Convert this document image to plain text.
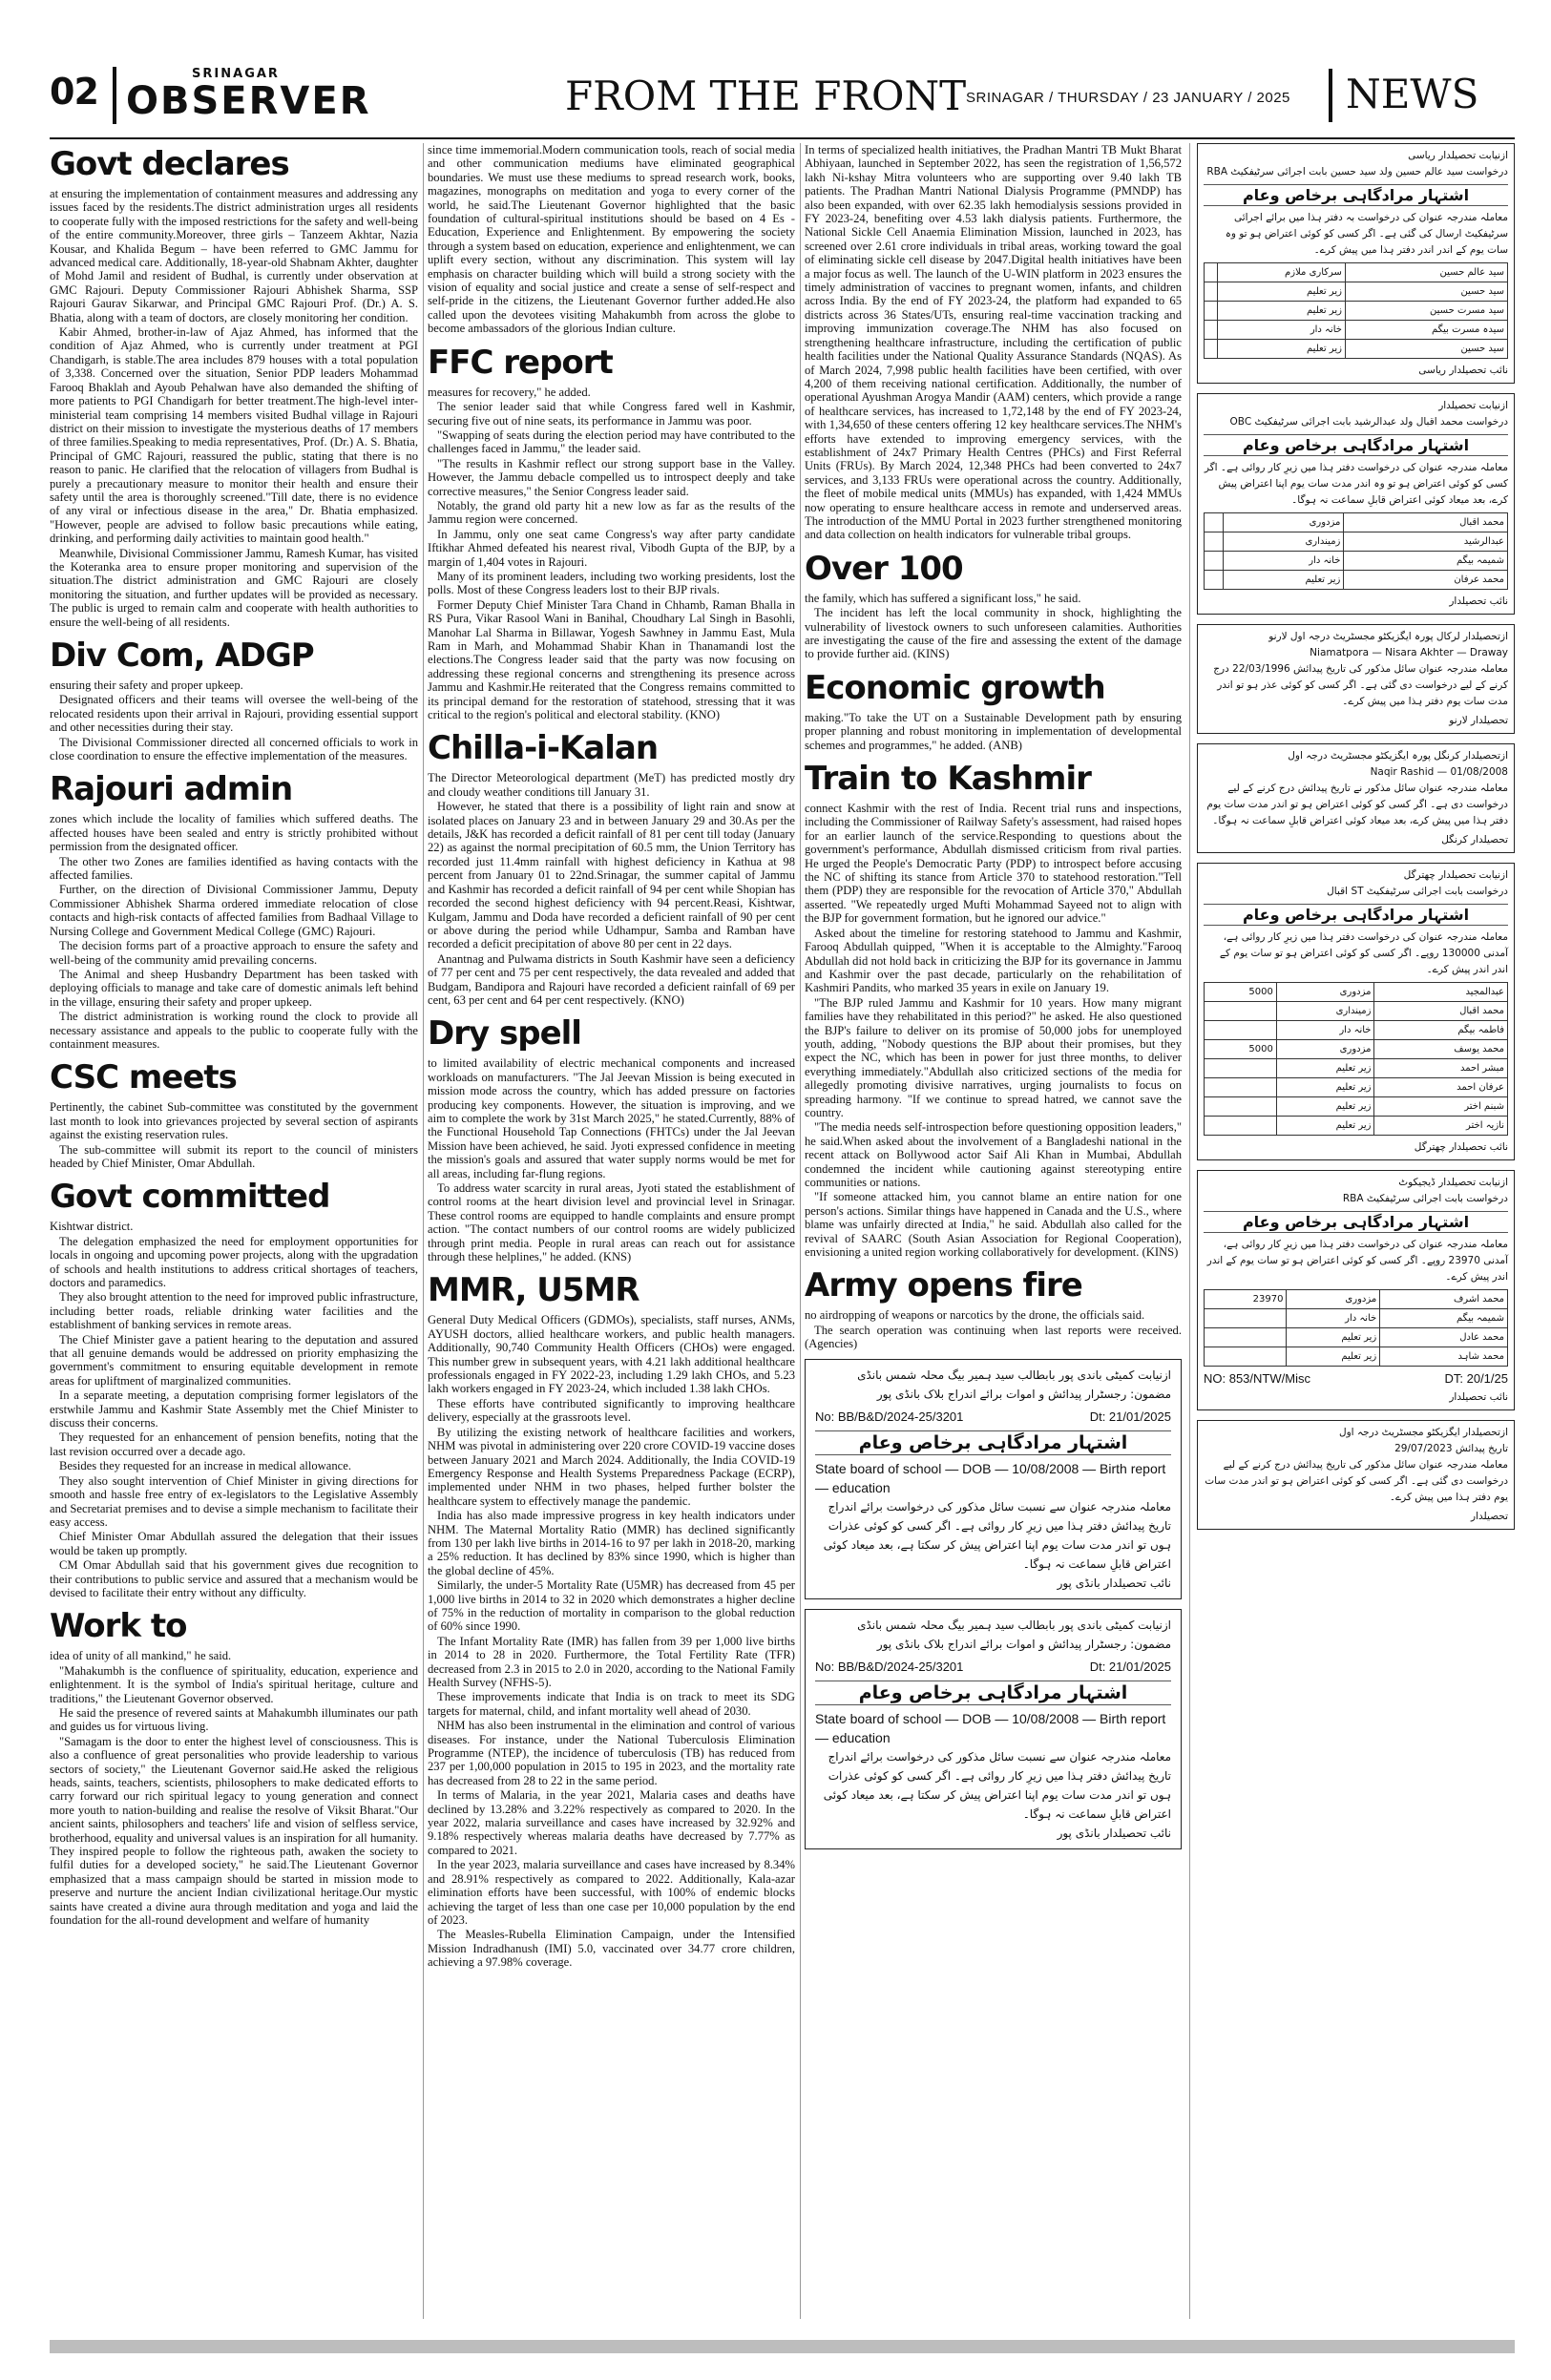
02	SRINAGAR
OBSERVER	FROM THE FRONT SRINAGAR / THURSDAY / 23 JANUARY / 2025 NEWS
Govt declares

at ensuring the implementation of containment measures and addressing any issues faced by the residents.The district administration urges all residents to cooperate fully with the imposed restrictions for the safety and well-being of the entire community.Moreover, three girls – Tanzeem Akhtar, Nazia Kousar, and Khalida Begum – have been referred to GMC Jammu for advanced medical care. Additionally, 18-year-old Shabnam Akhter, daughter of Mohd Jamil and resident of Budhal, is currently under observation at GMC Rajouri. Deputy Commissioner Rajouri Abhishek Sharma, SSP Rajouri Gaurav Sikarwar, and Principal GMC Rajouri Prof. (Dr.) A. S. Bhatia, along with a team of doctors, are closely monitoring her condition.

Kabir Ahmed, brother-in-law of Ajaz Ahmed, has informed that the condition of Ajaz Ahmed, who is currently under treatment at PGI Chandigarh, is stable.The area includes 879 houses with a total population of 3,338. Concerned over the situation, Senior PDP leaders Mohammad Farooq Bhaklah and Ayoub Pehalwan have also demanded the shifting of more patients to PGI Chandigarh for better treatment.The high-level inter-ministerial team comprising 14 members visited Budhal village in Rajouri district on their mission to investigate the mysterious deaths of 17 members of three families.Speaking to media representatives, Prof. (Dr.) A. S. Bhatia, Principal of GMC Rajouri, reassured the public, stating that there is no reason to panic. He clarified that the relocation of villagers from Budhal is purely a precautionary measure to monitor their health and ensure their safety until the area is thoroughly screened."Till date, there is no evidence of any viral or infectious disease in the area," Dr. Bhatia emphasized. "However, people are advised to follow basic precautions while eating, drinking, and performing daily activities to maintain good health."

Meanwhile, Divisional Commissioner Jammu, Ramesh Kumar, has visited the Koteranka area to ensure proper monitoring and supervision of the situation.The district administration and GMC Rajouri are closely monitoring the situation, and further updates will be provided as necessary. The public is urged to remain calm and cooperate with health authorities to ensure the well-being of all residents.

Div Com, ADGP

ensuring their safety and proper upkeep.

Designated officers and their teams will oversee the well-being of the relocated residents upon their arrival in Rajouri, providing essential support and other necessities during their stay.

The Divisional Commissioner directed all concerned officials to work in close coordination to ensure the effective implementation of the measures.

Rajouri admin

zones which include the locality of families which suffered deaths. The affected houses have been sealed and entry is strictly prohibited without permission from the designated officer.

The other two Zones are families identified as having contacts with the affected families.

Further, on the direction of Divisional Commissioner Jammu, Deputy Commissioner Abhishek Sharma ordered immediate relocation of close contacts and high-risk contacts of affected families from Badhaal Village to Nursing College and Government Medical College (GMC) Rajouri.

The decision forms part of a proactive approach to ensure the safety and well-being of the community amid prevailing concerns.

The Animal and sheep Husbandry Department has been tasked with deploying officials to manage and take care of domestic animals left behind in the village, ensuring their safety and proper upkeep.

The district administration is working round the clock to provide all necessary assistance and appeals to the public to cooperate fully with the containment measures.

CSC meets

Pertinently, the cabinet Sub-committee was constituted by the government last month to look into grievances projected by several section of aspirants against the existing reservation rules.

The sub-committee will submit its report to the council of ministers headed by Chief Minister, Omar Abdullah.

Govt committed

Kishtwar district.

The delegation emphasized the need for employment opportunities for locals in ongoing and upcoming power projects, along with the upgradation of schools and health institutions to address critical shortages of teachers, doctors and paramedics.

They also brought attention to the need for improved public infrastructure, including better roads, reliable drinking water facilities and the establishment of banking services in remote areas.

The Chief Minister gave a patient hearing to the deputation and assured that all genuine demands would be addressed on priority emphasizing the government's commitment to ensuring equitable development in remote areas for upliftment of marginalized communities.

In a separate meeting, a deputation comprising former legislators of the erstwhile Jammu and Kashmir State Assembly met the Chief Minister to discuss their concerns.

They requested for an enhancement of pension benefits, noting that the last revision occurred over a decade ago.

Besides they requested for an increase in medical allowance.

They also sought intervention of Chief Minister in giving directions for smooth and hassle free entry of ex-legislators to the Legislative Assembly and Secretariat premises and to devise a simple mechanism to facilitate their easy access.

Chief Minister Omar Abdullah assured the delegation that their issues would be taken up promptly.

CM Omar Abdullah said that his government gives due recognition to their contributions to public service and assured that a mechanism would be devised to facilitate their entry without any difficulty.

Work to

idea of unity of all mankind," he said.

"Mahakumbh is the confluence of spirituality, education, experience and enlightenment. It is the symbol of India's spiritual heritage, culture and traditions," the Lieutenant Governor observed.

He said the presence of revered saints at Mahakumbh illuminates our path and guides us for virtuous living.

"Samagam is the door to enter the highest level of consciousness. This is also a confluence of great personalities who provide leadership to various sectors of society," the Lieutenant Governor said.He asked the religious heads, saints, teachers, scientists, philosophers to make dedicated efforts to carry forward our rich spiritual legacy to young generation and connect more youth to nation-building and realise the resolve of Viksit Bharat."Our ancient saints, philosophers and teachers' life and vision of selfless service, brotherhood, equality and universal values is an inspiration for all humanity. They inspired people to follow the righteous path, awaken the society to fulfil duties for a developed society," he said.The Lieutenant Governor emphasized that a mass campaign should be started in mission mode to preserve and nurture the ancient Indian civilizational heritage.Our mystic saints have created a divine aura through meditation and yoga and laid the foundation for the all-round development and welfare of humanity

since time immemorial.Modern communication tools, reach of social media and other communication mediums have eliminated geographical boundaries. We must use these mediums to spread research work, books, magazines, monographs on meditation and yoga to every corner of the world, he said.The Lieutenant Governor highlighted that the basic foundation of cultural-spiritual institutions should be based on 4 Es - Education, Experience and Enlightenment. By empowering the society through a system based on education, experience and enlightenment, we can uplift every section, without any discrimination. This system will lay emphasis on character building which will build a strong society with the vision of equality and social justice and create a sense of self-respect and self-pride in the citizens, the Lieutenant Governor further added.He also called upon the devotees visiting Mahakumbh from across the globe to become ambassadors of the glorious Indian culture.

FFC report

measures for recovery," he added.

The senior leader said that while Congress fared well in Kashmir, securing five out of nine seats, its performance in Jammu was poor.

"Swapping of seats during the election period may have contributed to the challenges faced in Jammu," the leader said.

"The results in Kashmir reflect our strong support base in the Valley. However, the Jammu debacle compelled us to introspect deeply and take corrective measures," the Senior Congress leader said.

Notably, the grand old party hit a new low as far as the results of the Jammu region were concerned.

In Jammu, only one seat came Congress's way after party candidate Iftikhar Ahmed defeated his nearest rival, Vibodh Gupta of the BJP, by a margin of 1,404 votes in Rajouri.

Many of its prominent leaders, including two working presidents, lost the polls. Most of these Congress leaders lost to their BJP rivals.

Former Deputy Chief Minister Tara Chand in Chhamb, Raman Bhalla in RS Pura, Vikar Rasool Wani in Banihal, Choudhary Lal Singh in Basohli, Manohar Lal Sharma in Billawar, Yogesh Sawhney in Jammu East, Mula Ram in Marh, and Mohammad Shabir Khan in Thanamandi lost the elections.The Congress leader said that the party was now focusing on addressing these regional concerns and strengthening its presence across Jammu and Kashmir.He reiterated that the Congress remains committed to its principal demand for the restoration of statehood, stressing that it was critical to the region's political and electoral stability. (KNO)

Chilla-i-Kalan

The Director Meteorological department (MeT) has predicted mostly dry and cloudy weather conditions till January 31.

However, he stated that there is a possibility of light rain and snow at isolated places on January 23 and in between January 29 and 30.As per the details, J&K has recorded a deficit rainfall of 81 per cent till today (January 22) as against the normal precipitation of 60.5 mm, the Union Territory has recorded just 11.4mm rainfall with highest deficiency in Kathua at 98 percent from January 01 to 22nd.Srinagar, the summer capital of Jammu and Kashmir has recorded a deficit rainfall of 94 per cent while Shopian has recorded the second highest deficiency with 94 percent.Reasi, Kishtwar, Kulgam, Jammu and Doda have recorded a deficient rainfall of 90 per cent or above during the period while Udhampur, Samba and Ramban have recorded a deficit precipitation of above 80 per cent in 22 days.

Anantnag and Pulwama districts in South Kashmir have seen a deficiency of 77 per cent and 75 per cent respectively, the data revealed and added that Budgam, Bandipora and Rajouri have recorded a deficient rainfall of 69 per cent, 63 per cent and 64 per cent respectively. (KNO)

Dry spell

to limited availability of electric mechanical components and increased workloads on manufacturers. "The Jal Jeevan Mission is being executed in mission mode across the country, which has added pressure on factories producing key components. However, the situation is improving, and we aim to complete the work by 31st March 2025," he stated.Currently, 88% of the Functional Household Tap Connections (FHTCs) under the Jal Jeevan Mission have been achieved, he said. Jyoti expressed confidence in meeting the mission's goals and assured that water supply norms would be met for all areas, including far-flung regions.

To address water scarcity in rural areas, Jyoti stated the establishment of control rooms at the heart division level and provincial level in Srinagar. These control rooms are equipped to handle complaints and ensure prompt action. "The contact numbers of our control rooms are widely publicized through print media. People in rural areas can reach out for assistance through these helplines," he added. (KNS)

MMR, U5MR

General Duty Medical Officers (GDMOs), specialists, staff nurses, ANMs, AYUSH doctors, allied healthcare workers, and public health managers. Additionally, 90,740 Community Health Officers (CHOs) were engaged. This number grew in subsequent years, with 4.21 lakh additional healthcare professionals engaged in FY 2022-23, including 1.29 lakh CHOs, and 5.23 lakh workers engaged in FY 2023-24, which included 1.38 lakh CHOs.

These efforts have contributed significantly to improving healthcare delivery, especially at the grassroots level.

By utilizing the existing network of healthcare facilities and workers, NHM was pivotal in administering over 220 crore COVID-19 vaccine doses between January 2021 and March 2024. Additionally, the India COVID-19 Emergency Response and Health Systems Preparedness Package (ECRP), implemented under NHM in two phases, helped further bolster the healthcare system to effectively manage the pandemic.

India has also made impressive progress in key health indicators under NHM. The Maternal Mortality Ratio (MMR) has declined significantly from 130 per lakh live births in 2014-16 to 97 per lakh in 2018-20, marking a 25% reduction. It has declined by 83% since 1990, which is higher than the global decline of 45%.

Similarly, the under-5 Mortality Rate (U5MR) has decreased from 45 per 1,000 live births in 2014 to 32 in 2020 which demonstrates a higher decline of 75% in the reduction of mortality in comparison to the global reduction of 60% since 1990.

The Infant Mortality Rate (IMR) has fallen from 39 per 1,000 live births in 2014 to 28 in 2020. Furthermore, the Total Fertility Rate (TFR) decreased from 2.3 in 2015 to 2.0 in 2020, according to the National Family Health Survey (NFHS-5).

These improvements indicate that India is on track to meet its SDG targets for maternal, child, and infant mortality well ahead of 2030.

NHM has also been instrumental in the elimination and control of various diseases. For instance, under the National Tuberculosis Elimination Programme (NTEP), the incidence of tuberculosis (TB) has reduced from 237 per 1,00,000 population in 2015 to 195 in 2023, and the mortality rate has decreased from 28 to 22 in the same period.

In terms of Malaria, in the year 2021, Malaria cases and deaths have declined by 13.28% and 3.22% respectively as compared to 2020. In the year 2022, malaria surveillance and cases have increased by 32.92% and 9.18% respectively whereas malaria deaths have decreased by 7.77% as compared to 2021.

In the year 2023, malaria surveillance and cases have increased by 8.34% and 28.91% respectively as compared to 2022. Additionally, Kala-azar elimination efforts have been successful, with 100% of endemic blocks achieving the target of less than one case per 10,000 population by the end of 2023.

The Measles-Rubella Elimination Campaign, under the Intensified Mission Indradhanush (IMI) 5.0, vaccinated over 34.77 crore children, achieving a 97.98% coverage.

In terms of specialized health initiatives, the Pradhan Mantri TB Mukt Bharat Abhiyaan, launched in September 2022, has seen the registration of 1,56,572 lakh Ni-kshay Mitra volunteers who are supporting over 9.40 lakh TB patients. The Pradhan Mantri National Dialysis Programme (PMNDP) has also been expanded, with over 62.35 lakh hemodialysis sessions provided in FY 2023-24, benefiting over 4.53 lakh dialysis patients. Furthermore, the National Sickle Cell Anaemia Elimination Mission, launched in 2023, has screened over 2.61 crore individuals in tribal areas, working toward the goal of eliminating sickle cell disease by 2047.Digital health initiatives have been a major focus as well. The launch of the U-WIN platform in 2023 ensures the timely administration of vaccines to pregnant women, infants, and children across India. By the end of FY 2023-24, the platform had expanded to 65 districts across 36 States/UTs, ensuring real-time vaccination tracking and improving immunization coverage.The NHM has also focused on strengthening healthcare infrastructure, including the certification of public health facilities under the National Quality Assurance Standards (NQAS). As of March 2024, 7,998 public health facilities have been certified, with over 4,200 of them receiving national certification. Additionally, the number of operational Ayushman Arogya Mandir (AAM) centers, which provide a range of healthcare services, has increased to 1,72,148 by the end of FY 2023-24, with 1,34,650 of these centers offering 12 key healthcare services.The NHM's efforts have extended to improving emergency services, with the establishment of 24x7 Primary Health Centres (PHCs) and First Referral Units (FRUs). By March 2024, 12,348 PHCs had been converted to 24x7 services, and 3,133 FRUs were operational across the country. Additionally, the fleet of mobile medical units (MMUs) has expanded, with 1,424 MMUs now operating to ensure healthcare access in remote and underserved areas. The introduction of the MMU Portal in 2023 further strengthened monitoring and data collection on health indicators for vulnerable tribal groups.

Over 100

the family, which has suffered a significant loss," he said.

The incident has left the local community in shock, highlighting the vulnerability of livestock owners to such unforeseen calamities. Authorities are investigating the cause of the fire and assessing the extent of the damage to provide further aid. (KINS)

Economic growth

making."To take the UT on a Sustainable Development path by ensuring proper planning and robust monitoring in implementation of developmental schemes and programmes," he added. (ANB)

Train to Kashmir

connect Kashmir with the rest of India. Recent trial runs and inspections, including the Commissioner of Railway Safety's assessment, had raised hopes for an earlier launch of the service.Responding to questions about the government's performance, Abdullah dismissed criticism from rival parties. He urged the People's Democratic Party (PDP) to introspect before accusing the NC of shifting its stance from Article 370 to statehood restoration."Tell them (PDP) they are responsible for the revocation of Article 370," Abdullah asserted. "We repeatedly urged Mufti Mohammad Sayeed not to align with the BJP for government formation, but he ignored our advice."

Asked about the timeline for restoring statehood to Jammu and Kashmir, Farooq Abdullah quipped, "When it is acceptable to the Almighty."Farooq Abdullah did not hold back in criticizing the BJP for its governance in Jammu and Kashmir over the past decade, particularly on the rehabilitation of Kashmiri Pandits, who marked 35 years in exile on January 19.

"The BJP ruled Jammu and Kashmir for 10 years. How many migrant families have they rehabilitated in this period?" he asked. He also questioned the BJP's failure to deliver on its promise of 50,000 jobs for unemployed youth, adding, "Nobody questions the BJP about their promises, but they expect the NC, which has been in power for just three months, to deliver everything immediately."Abdullah also criticized sections of the media for allegedly promoting divisive narratives, urging journalists to focus on spreading harmony. "If we continue to spread hatred, we cannot save the country.

"The media needs self-introspection before questioning opposition leaders," he said.When asked about the involvement of a Bangladeshi national in the recent attack on Bollywood actor Saif Ali Khan in Mumbai, Abdullah condemned the incident while cautioning against stereotyping entire communities or nations.

"If someone attacked him, you cannot blame an entire nation for one person's actions. Similar things have happened in Canada and the U.S., where blame was unfairly directed at India," he said. Abdullah also called for the revival of SAARC (South Asian Association for Regional Cooperation), envisioning a united region working collaboratively for development. (KINS)

Army opens fire

no airdropping of weapons or narcotics by the drone, the officials said.

The search operation was continuing when last reports were received. (Agencies)

ازنیابت کمیٹی باندی پور بابطالب سید ہمیر بیگ محلہ شمس بانڈی
مضمون: رجسٹرار پیدائش و اموات برائے اندراج بلاک بانڈی پور
No: BB/B&D/2024-25/3201	Dt: 21/01/2025
اشتہار مرادگاہی برخاص وعام
State board of school — DOB — 10/08/2008 — Birth report — education
معاملہ مندرجہ عنوان سے نسبت سائل مذکور کی درخواست برائے اندراج تاریخ پیدائش دفتر ہذا میں زیرِ کار روائی ہے۔ اگر کسی کو کوئی عذرات ہوں تو اندر مدت سات یوم اپنا اعتراض پیش کر سکتا ہے، بعد میعاد کوئی اعتراض قابلِ سماعت نہ ہوگا۔
نائب تحصیلدار بانڈی پور
ازنیابت کمیٹی باندی پور بابطالب سید ہمیر بیگ محلہ شمس بانڈی
مضمون: رجسٹرار پیدائش و اموات برائے اندراج بلاک بانڈی پور
No: BB/B&D/2024-25/3201	Dt: 21/01/2025
اشتہار مرادگاہی برخاص وعام
State board of school — DOB — 10/08/2008 — Birth report — education
معاملہ مندرجہ عنوان سے نسبت سائل مذکور کی درخواست برائے اندراج تاریخ پیدائش دفتر ہذا میں زیرِ کار روائی ہے۔ اگر کسی کو کوئی عذرات ہوں تو اندر مدت سات یوم اپنا اعتراض پیش کر سکتا ہے، بعد میعاد کوئی اعتراض قابلِ سماعت نہ ہوگا۔
نائب تحصیلدار بانڈی پور
ازنیابت تحصیلدار ریاسی
درخواست سید عالم حسین ولد سید حسین بابت اجرائی سرٹیفکیٹ RBA
اشتہار مرادگاہی برخاص وعام
معاملہ مندرجہ عنوان کی درخواست بہ دفتر ہذا میں برائے اجرائی سرٹیفکیٹ ارسال کی گئی ہے۔ اگر کسی کو کوئی اعتراض ہو تو وہ سات یوم کے اندر اندر دفتر ہذا میں پیش کرے۔
سید عالم حسین	سرکاری ملازم	
سید حسین	زیر تعلیم	
سید مسرت حسین	زیر تعلیم	
سیدہ مسرت بیگم	خانہ دار	
سید حسین	زیر تعلیم	
نائب تحصیلدار ریاسی
ازنیابت تحصیلدار
درخواست محمد اقبال ولد عبدالرشید بابت اجرائی سرٹیفکیٹ OBC
اشتہار مرادگاہی برخاص وعام
معاملہ مندرجہ عنوان کی درخواست دفتر ہذا میں زیرِ کار روائی ہے۔ اگر کسی کو کوئی اعتراض ہو تو وہ اندر مدت سات یوم اپنا اعتراض پیش کرے، بعد میعاد کوئی اعتراض قابلِ سماعت نہ ہوگا۔
محمد اقبال	مزدوری	
عبدالرشید	زمینداری	
شمیمہ بیگم	خانہ دار	
محمد عرفان	زیر تعلیم	
نائب تحصیلدار
ازتحصیلدار لرکال پورہ ایگزیکٹو مجسٹریٹ درجہ اول لارنو
Niamatpora — Nisara Akhter — Draway
معاملہ مندرجہ عنوان سائل مذکور کی تاریخ پیدائش 22/03/1996 درج کرنے کے لیے درخواست دی گئی ہے۔ اگر کسی کو کوئی عذر ہو تو اندر مدت سات یوم دفتر ہذا میں پیش کرے۔
تحصیلدار لارنو
ازتحصیلدار کرنگل پورہ ایگزیکٹو مجسٹریٹ درجہ اول
Naqir Rashid — 01/08/2008
معاملہ مندرجہ عنوان سائل مذکور نے تاریخ پیدائش درج کرنے کے لیے درخواست دی ہے۔ اگر کسی کو کوئی اعتراض ہو تو اندر مدت سات یوم دفتر ہذا میں پیش کرے، بعد میعاد کوئی اعتراض قابلِ سماعت نہ ہوگا۔
تحصیلدار کرنگل
ازنیابت تحصیلدار چھترگل
درخواست بابت اجرائی سرٹیفکیٹ ST اقبال
اشتہار مرادگاہی برخاص وعام
معاملہ مندرجہ عنوان کی درخواست دفتر ہذا میں زیرِ کار روائی ہے، آمدنی 130000 روپے۔ اگر کسی کو کوئی اعتراض ہو تو سات یوم کے اندر اندر پیش کرے۔
عبدالمجید	مزدوری	5000
محمد اقبال	زمینداری	
فاطمہ بیگم	خانہ دار	
محمد یوسف	مزدوری	5000
مبشر احمد	زیر تعلیم	
عرفان احمد	زیر تعلیم	
شبنم اختر	زیر تعلیم	
نازیہ اختر	زیر تعلیم	
نائب تحصیلدار چھترگل
ازنیابت تحصیلدار ڈیجیکوٹ
درخواست بابت اجرائی سرٹیفکیٹ RBA
اشتہار مرادگاہی برخاص وعام
معاملہ مندرجہ عنوان کی درخواست دفتر ہذا میں زیرِ کار روائی ہے، آمدنی 23970 روپے۔ اگر کسی کو کوئی اعتراض ہو تو سات یوم کے اندر اندر پیش کرے۔
محمد اشرف	مزدوری	23970
شمیمہ بیگم	خانہ دار	
محمد عادل	زیر تعلیم	
محمد شاہد	زیر تعلیم	
NO: 853/NTW/Misc	DT: 20/1/25
نائب تحصیلدار
ازتحصیلدار ایگزیکٹو مجسٹریٹ درجہ اول
تاریخ پیدائش 29/07/2023
معاملہ مندرجہ عنوان سائل مذکور کی تاریخ پیدائش درج کرنے کے لیے درخواست دی گئی ہے۔ اگر کسی کو کوئی اعتراض ہو تو اندر مدت سات یوم دفتر ہذا میں پیش کرے۔
تحصیلدار
